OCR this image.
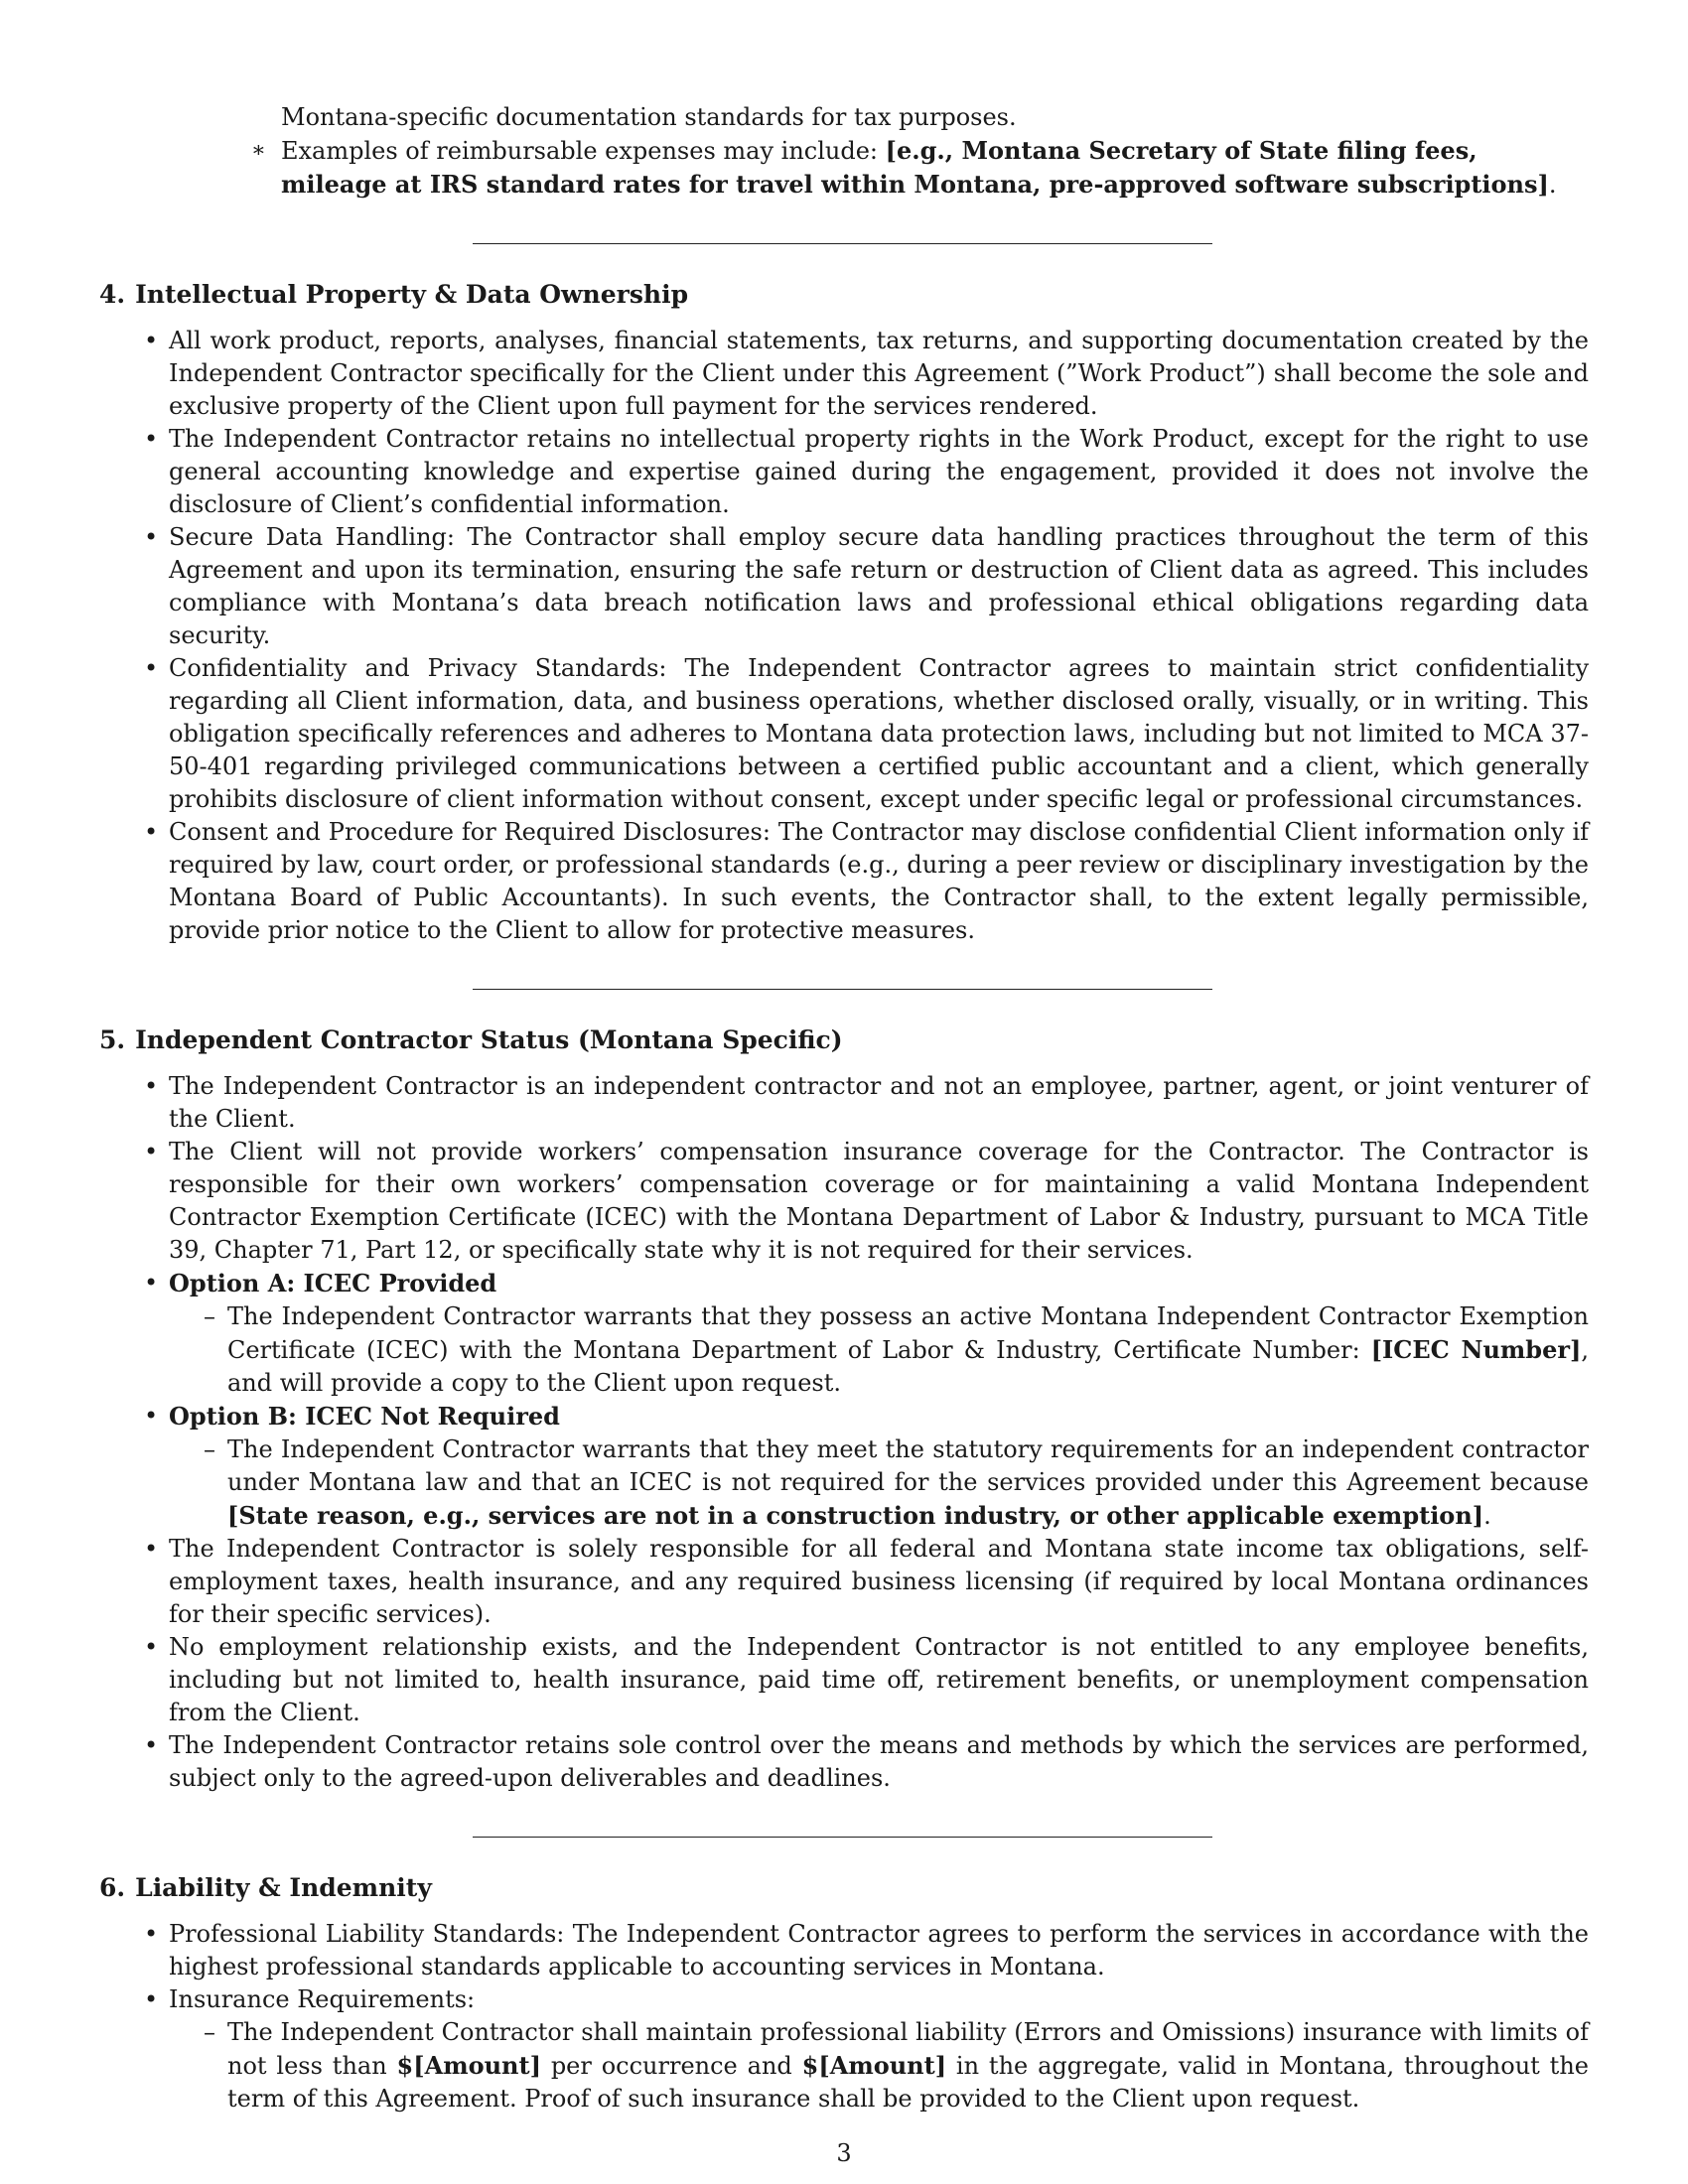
Montana-specific documentation standards for tax purposes.

∗ Examples of reimbursable expenses may include: [e.g., Montana Secretary of State filing fees, mileage at IRS standard rates for travel within Montana, pre-approved software subscriptions].

4. Intellectual Property & Data Ownership
• All work product, reports, analyses, financial statements, tax returns, and supporting documentation created by the Independent Contractor specifically for the Client under this Agreement (”Work Product”) shall become the sole and exclusive property of the Client upon full payment for the services rendered.
• The Independent Contractor retains no intellectual property rights in the Work Product, except for the right to use general accounting knowledge and expertise gained during the engagement, provided it does not involve the disclosure of Client’s confidential information.
• Secure Data Handling: The Contractor shall employ secure data handling practices throughout the term of this Agreement and upon its termination, ensuring the safe return or destruction of Client data as agreed. This includes compliance with Montana’s data breach notification laws and professional ethical obligations regarding data security.
• Confidentiality and Privacy Standards: The Independent Contractor agrees to maintain strict confidentiality regarding all Client information, data, and business operations, whether disclosed orally, visually, or in writing. This obligation specifically references and adheres to Montana data protection laws, including but not limited to MCA 37-50-401 regarding privileged communications between a certified public accountant and a client, which generally prohibits disclosure of client information without consent, except under specific legal or professional circumstances.
• Consent and Procedure for Required Disclosures: The Contractor may disclose confidential Client information only if required by law, court order, or professional standards (e.g., during a peer review or disciplinary investigation by the Montana Board of Public Accountants). In such events, the Contractor shall, to the extent legally permissible, provide prior notice to the Client to allow for protective measures.
5. Independent Contractor Status (Montana Specific)
• The Independent Contractor is an independent contractor and not an employee, partner, agent, or joint venturer of the Client.
• The Client will not provide workers’ compensation insurance coverage for the Contractor. The Contractor is responsible for their own workers’ compensation coverage or for maintaining a valid Montana Independent Contractor Exemption Certificate (ICEC) with the Montana Department of Labor & Industry, pursuant to MCA Title 39, Chapter 71, Part 12, or specifically state why it is not required for their services.
• Option A: ICEC Provided
– The Independent Contractor warrants that they possess an active Montana Independent Contractor Exemption Certificate (ICEC) with the Montana Department of Labor & Industry, Certificate Number: [ICEC Number], and will provide a copy to the Client upon request.
• Option B: ICEC Not Required
– The Independent Contractor warrants that they meet the statutory requirements for an independent contractor under Montana law and that an ICEC is not required for the services provided under this Agreement because [State reason, e.g., services are not in a construction industry, or other applicable exemption].
• The Independent Contractor is solely responsible for all federal and Montana state income tax obligations, self-employment taxes, health insurance, and any required business licensing (if required by local Montana ordinances for their specific services).
• No employment relationship exists, and the Independent Contractor is not entitled to any employee benefits, including but not limited to, health insurance, paid time off, retirement benefits, or unemployment compensation from the Client.
• The Independent Contractor retains sole control over the means and methods by which the services are performed, subject only to the agreed-upon deliverables and deadlines.
6. Liability & Indemnity
• Professional Liability Standards: The Independent Contractor agrees to perform the services in accordance with the highest professional standards applicable to accounting services in Montana.
• Insurance Requirements:
– The Independent Contractor shall maintain professional liability (Errors and Omissions) insurance with limits of not less than $[Amount] per occurrence and $[Amount] in the aggregate, valid in Montana, throughout the term of this Agreement. Proof of such insurance shall be provided to the Client upon request.
3
